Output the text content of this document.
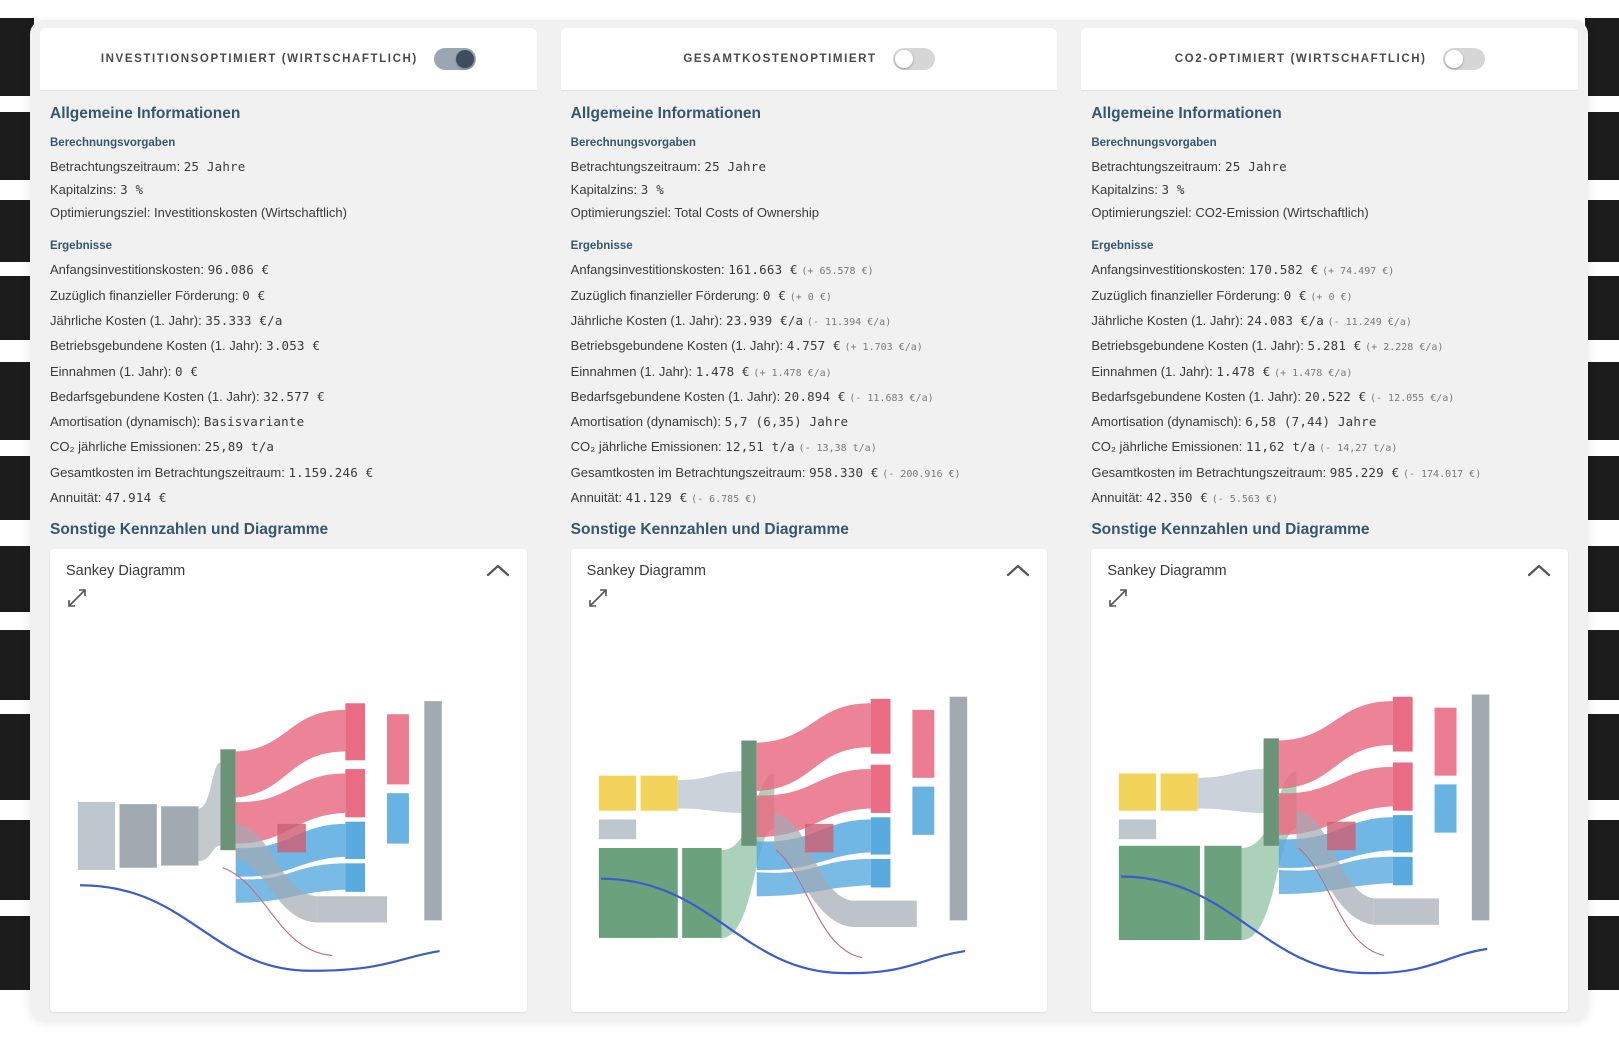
INVESTITIONSOPTIMIERT (WIRTSCHAFTLICH)
Allgemeine Informationen
Berechnungsvorgaben
Betrachtungszeitraum: 25 Jahre
Kapitalzins: 3 %
Optimierungsziel: Investitionskosten (Wirtschaftlich)
Ergebnisse
Anfangsinvestitionskosten: 96.086 €
Zuzüglich finanzieller Förderung: 0 €
Jährliche Kosten (1. Jahr): 35.333 €/a
Betriebsgebundene Kosten (1. Jahr): 3.053 €
Einnahmen (1. Jahr): 0 €
Bedarfsgebundene Kosten (1. Jahr): 32.577 €
Amortisation (dynamisch): Basisvariante
CO₂ jährliche Emissionen: 25,89 t/a
Gesamtkosten im Betrachtungszeitraum: 1.159.246 €
Annuität: 47.914 €
Sonstige Kennzahlen und Diagramme
Sankey Diagramm
GESAMTKOSTENOPTIMIERT
Allgemeine Informationen
Berechnungsvorgaben
Betrachtungszeitraum: 25 Jahre
Kapitalzins: 3 %
Optimierungsziel: Total Costs of Ownership
Ergebnisse
Anfangsinvestitionskosten: 161.663 € (+ 65.578 €)
Zuzüglich finanzieller Förderung: 0 € (+ 0 €)
Jährliche Kosten (1. Jahr): 23.939 €/a (- 11.394 €/a)
Betriebsgebundene Kosten (1. Jahr): 4.757 € (+ 1.703 €/a)
Einnahmen (1. Jahr): 1.478 € (+ 1.478 €/a)
Bedarfsgebundene Kosten (1. Jahr): 20.894 € (- 11.683 €/a)
Amortisation (dynamisch): 5,7 (6,35) Jahre
CO₂ jährliche Emissionen: 12,51 t/a (- 13,38 t/a)
Gesamtkosten im Betrachtungszeitraum: 958.330 € (- 200.916 €)
Annuität: 41.129 € (- 6.785 €)
Sonstige Kennzahlen und Diagramme
Sankey Diagramm
CO2-OPTIMIERT (WIRTSCHAFTLICH)
Allgemeine Informationen
Berechnungsvorgaben
Betrachtungszeitraum: 25 Jahre
Kapitalzins: 3 %
Optimierungsziel: CO2-Emission (Wirtschaftlich)
Ergebnisse
Anfangsinvestitionskosten: 170.582 € (+ 74.497 €)
Zuzüglich finanzieller Förderung: 0 € (+ 0 €)
Jährliche Kosten (1. Jahr): 24.083 €/a (- 11.249 €/a)
Betriebsgebundene Kosten (1. Jahr): 5.281 € (+ 2.228 €/a)
Einnahmen (1. Jahr): 1.478 € (+ 1.478 €/a)
Bedarfsgebundene Kosten (1. Jahr): 20.522 € (- 12.055 €/a)
Amortisation (dynamisch): 6,58 (7,44) Jahre
CO₂ jährliche Emissionen: 11,62 t/a (- 14,27 t/a)
Gesamtkosten im Betrachtungszeitraum: 985.229 € (- 174.017 €)
Annuität: 42.350 € (- 5.563 €)
Sonstige Kennzahlen und Diagramme
Sankey Diagramm
